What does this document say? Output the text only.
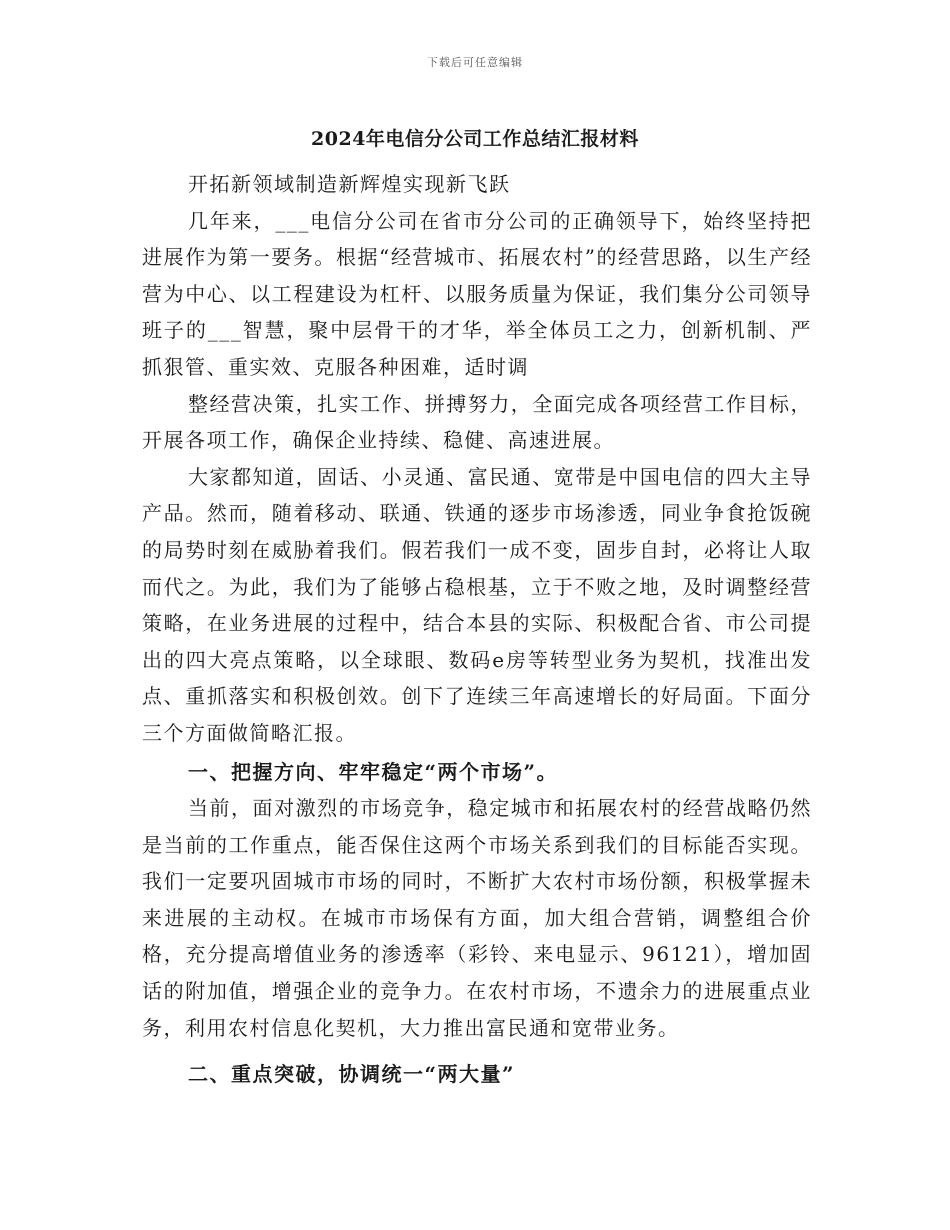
下载后可任意编辑
2024年电信分公司工作总结汇报材料

开拓新领域制造新辉煌实现新飞跃

几年来，___电信分公司在省市分公司的正确领导下，始终坚持把进展作为第一要务。根据“经营城市、拓展农村”的经营思路，以生产经营为中心、以工程建设为杠杆、以服务质量为保证，我们集分公司领导班子的___智慧，聚中层骨干的才华，举全体员工之力，创新机制、严抓狠管、重实效、克服各种困难，适时调

整经营决策，扎实工作、拼搏努力，全面完成各项经营工作目标，开展各项工作，确保企业持续、稳健、高速进展。

大家都知道，固话、小灵通、富民通、宽带是中国电信的四大主导产品。然而，随着移动、联通、铁通的逐步市场渗透，同业争食抢饭碗的局势时刻在威胁着我们。假若我们一成不变，固步自封，必将让人取而代之。为此，我们为了能够占稳根基，立于不败之地，及时调整经营策略，在业务进展的过程中，结合本县的实际、积极配合省、市公司提出的四大亮点策略，以全球眼、数码e房等转型业务为契机，找准出发点、重抓落实和积极创效。创下了连续三年高速增长的好局面。下面分三个方面做简略汇报。

一、把握方向、牢牢稳定“两个市场”。

当前，面对激烈的市场竞争，稳定城市和拓展农村的经营战略仍然是当前的工作重点，能否保住这两个市场关系到我们的目标能否实现。我们一定要巩固城市市场的同时，不断扩大农村市场份额，积极掌握未来进展的主动权。在城市市场保有方面，加大组合营销，调整组合价格，充分提高增值业务的渗透率（彩铃、来电显示、96121），增加固话的附加值，增强企业的竞争力。在农村市场，不遗余力的进展重点业务，利用农村信息化契机，大力推出富民通和宽带业务。

二、重点突破，协调统一“两大量”
